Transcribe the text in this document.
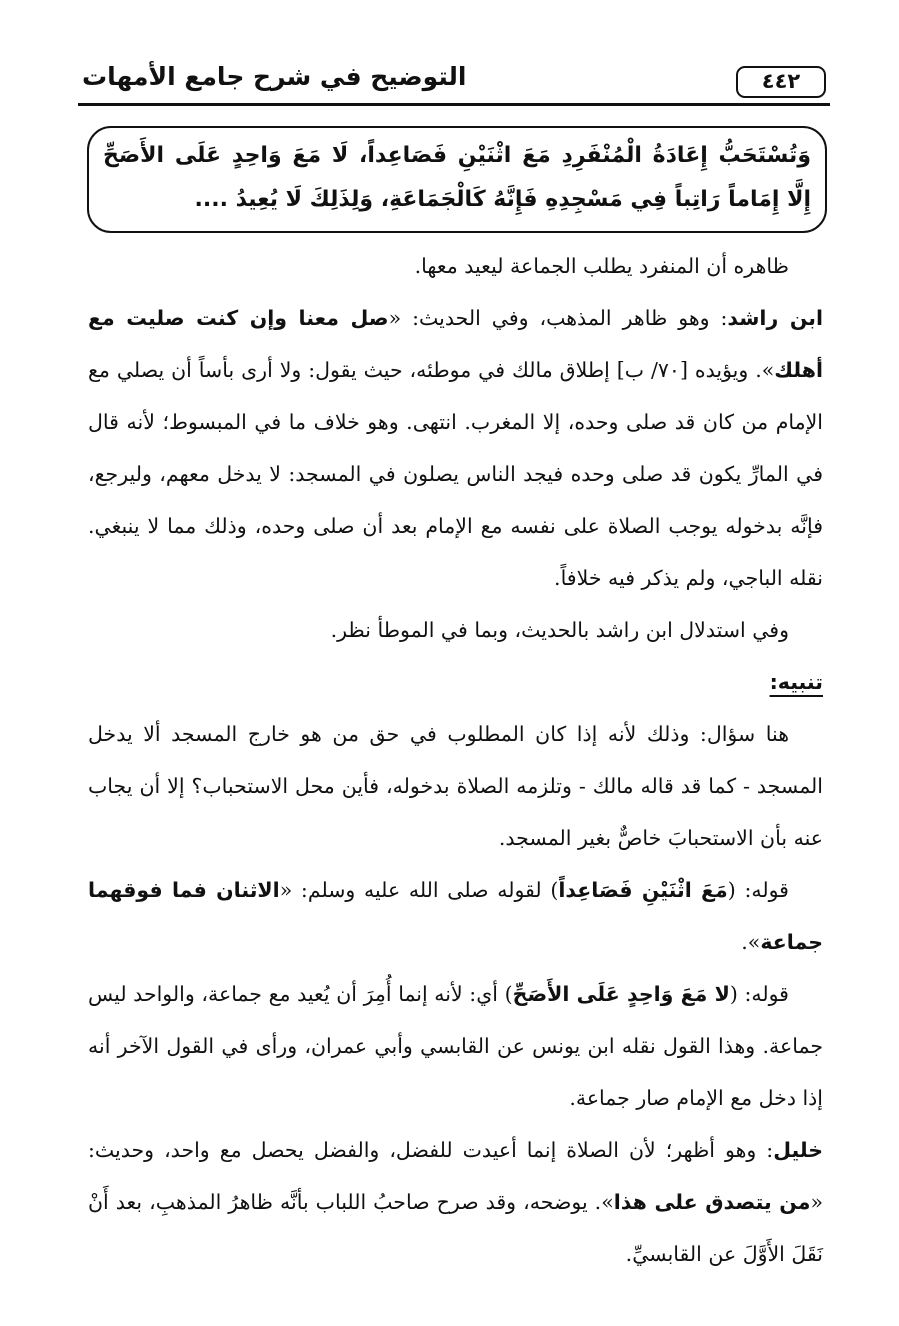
التوضيح في شرح جامع الأمهات	٤٤٢
وَتُسْتَحَبُّ إِعَادَةُ الْمُنْفَرِدِ مَعَ اثْنَيْنِ فَصَاعِداً، لَا مَعَ وَاحِدٍ عَلَى الأَصَحِّ إِلَّا إِمَاماً رَاتِباً فِي مَسْجِدِهِ فَإِنَّهُ كَالْجَمَاعَةِ، وَلِذَلِكَ لَا يُعِيدُ ....

ظاهره أن المنفرد يطلب الجماعة ليعيد معها.

ابن راشد: وهو ظاهر المذهب، وفي الحديث: «صل معنا وإن كنت صليت مع أهلك». ويؤيده [٧٠/ ب] إطلاق مالك في موطئه، حيث يقول: ولا أرى بأساً أن يصلي مع الإمام من كان قد صلى وحده، إلا المغرب. انتهى. وهو خلاف ما في المبسوط؛ لأنه قال في المارِّ يكون قد صلى وحده فيجد الناس يصلون في المسجد: لا يدخل معهم، وليرجع، فإنَّه بدخوله يوجب الصلاة على نفسه مع الإمام بعد أن صلى وحده، وذلك مما لا ينبغي. نقله الباجي، ولم يذكر فيه خلافاً.

وفي استدلال ابن راشد بالحديث، وبما في الموطأ نظر.

تنبيه:

هنا سؤال: وذلك لأنه إذا كان المطلوب في حق من هو خارج المسجد ألا يدخل المسجد - كما قد قاله مالك - وتلزمه الصلاة بدخوله، فأين محل الاستحباب؟ إلا أن يجاب عنه بأن الاستحبابَ خاصٌّ بغير المسجد.

قوله: (مَعَ اثْنَيْنِ فَصَاعِداً) لقوله صلى الله عليه وسلم: «الاثنان فما فوقهما جماعة».

قوله: (لا مَعَ وَاحِدٍ عَلَى الأَصَحِّ) أي: لأنه إنما أُمِرَ أن يُعيد مع جماعة، والواحد ليس جماعة. وهذا القول نقله ابن يونس عن القابسي وأبي عمران، ورأى في القول الآخر أنه إذا دخل مع الإمام صار جماعة.

خليل: وهو أظهر؛ لأن الصلاة إنما أعيدت للفضل، والفضل يحصل مع واحد، وحديث: «من يتصدق على هذا». يوضحه، وقد صرح صاحبُ اللباب بأنَّه ظاهرُ المذهبِ، بعد أَنْ نَقَلَ الأَوَّلَ عن القابسيِّ.
